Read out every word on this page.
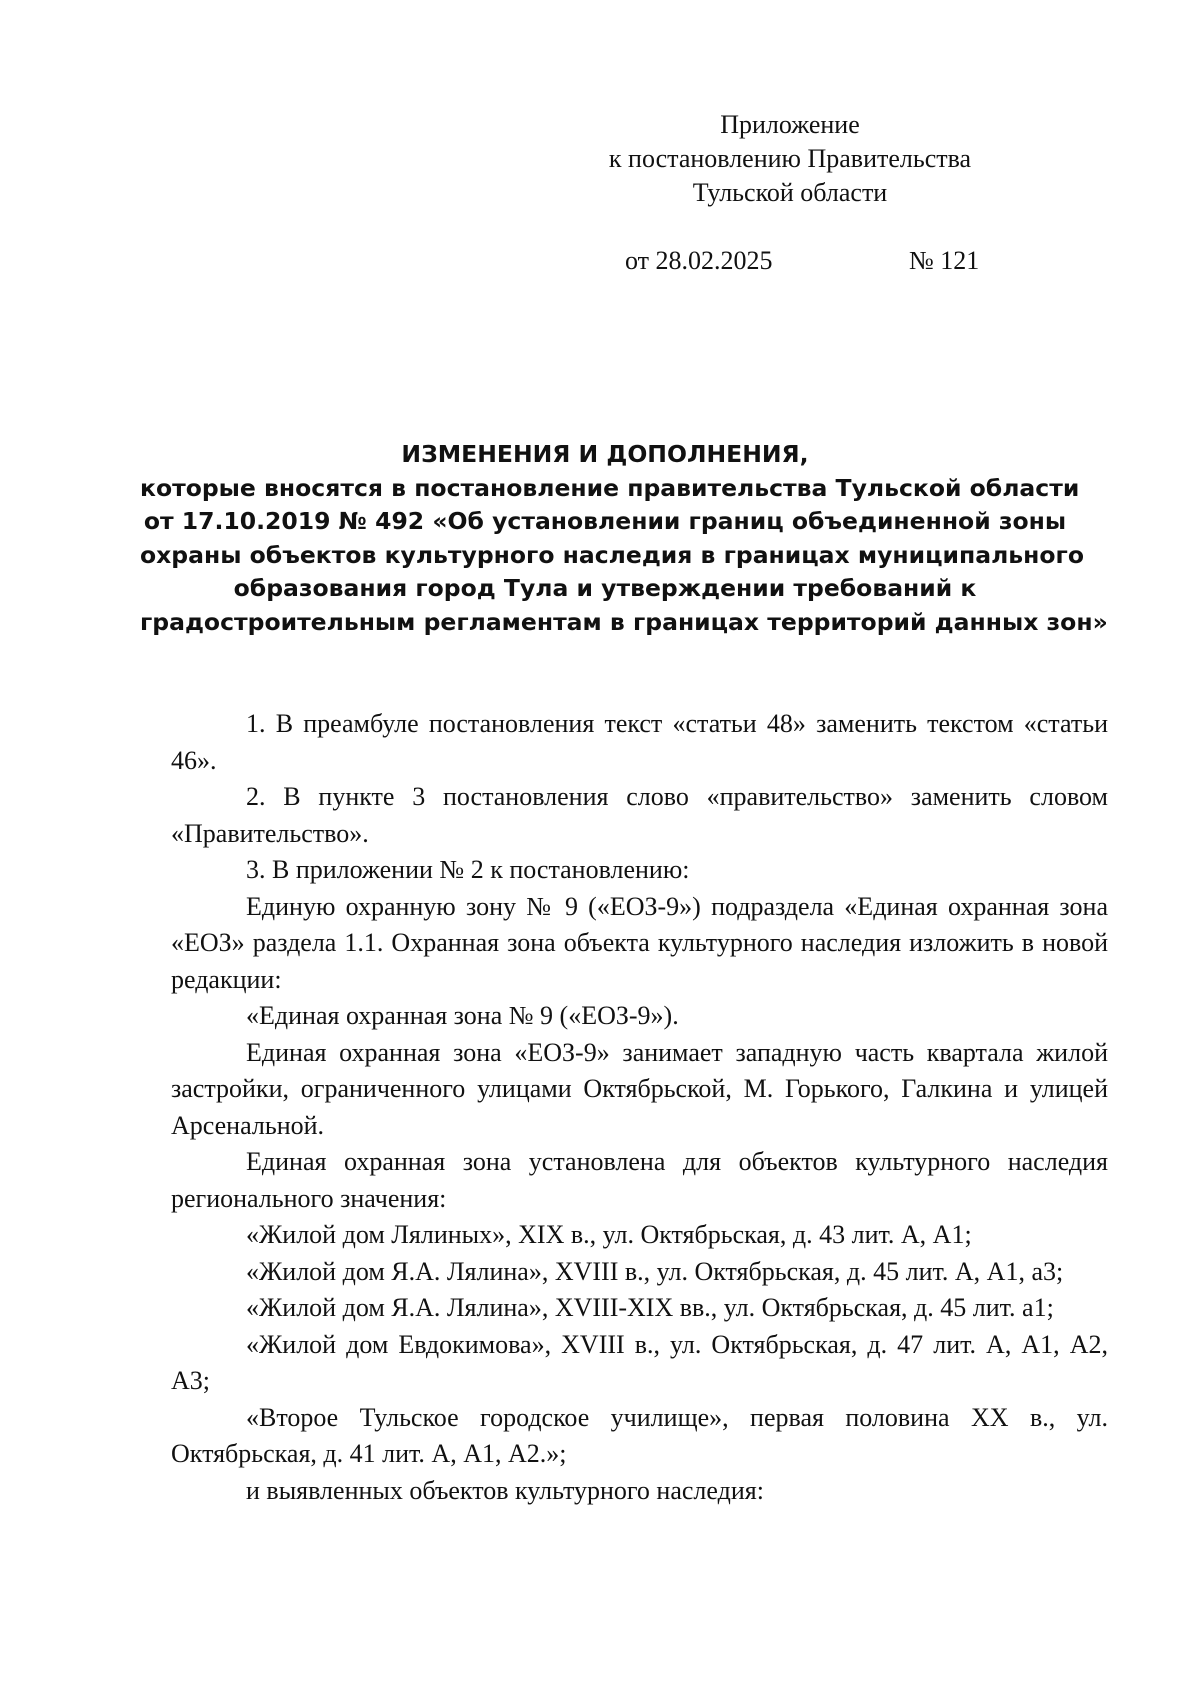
Приложение
к постановлению Правительства
Тульской области
от 28.02.2025	№ 121
ИЗМЕНЕНИЯ И ДОПОЛНЕНИЯ,
которые вносятся в постановление правительства Тульской области
от 17.10.2019 № 492 «Об установлении границ объединенной зоны
охраны объектов культурного наследия в границах муниципального
образования город Тула и утверждении требований к
градостроительным регламентам в границах территорий данных зон»

1. В преамбуле постановления текст «статьи 48» заменить текстом «статьи 46».

2. В пункте 3 постановления слово «правительство» заменить словом «Правительство».

3. В приложении № 2 к постановлению:

Единую охранную зону № 9 («ЕОЗ-9») подраздела «Единая охранная зона «ЕОЗ» раздела 1.1. Охранная зона объекта культурного наследия изложить в новой редакции:

«Единая охранная зона № 9 («ЕОЗ-9»).

Единая охранная зона «ЕОЗ-9» занимает западную часть квартала жилой застройки, ограниченного улицами Октябрьской, М. Горького, Галкина и улицей Арсенальной.

Единая охранная зона установлена для объектов культурного наследия регионального значения:

«Жилой дом Лялиных», XIX в., ул. Октябрьская, д. 43 лит. А, А1;

«Жилой дом Я.А. Лялина», XVIII в., ул. Октябрьская, д. 45 лит. А, А1, а3;

«Жилой дом Я.А. Лялина», XVIII-XIX вв., ул. Октябрьская, д. 45 лит. а1;

«Жилой дом Евдокимова», XVIII в., ул. Октябрьская, д. 47 лит. А, А1, А2, А3;

«Второе Тульское городское училище», первая половина XX в., ул. Октябрьская, д. 41 лит. А, А1, А2.»;

и выявленных объектов культурного наследия:
